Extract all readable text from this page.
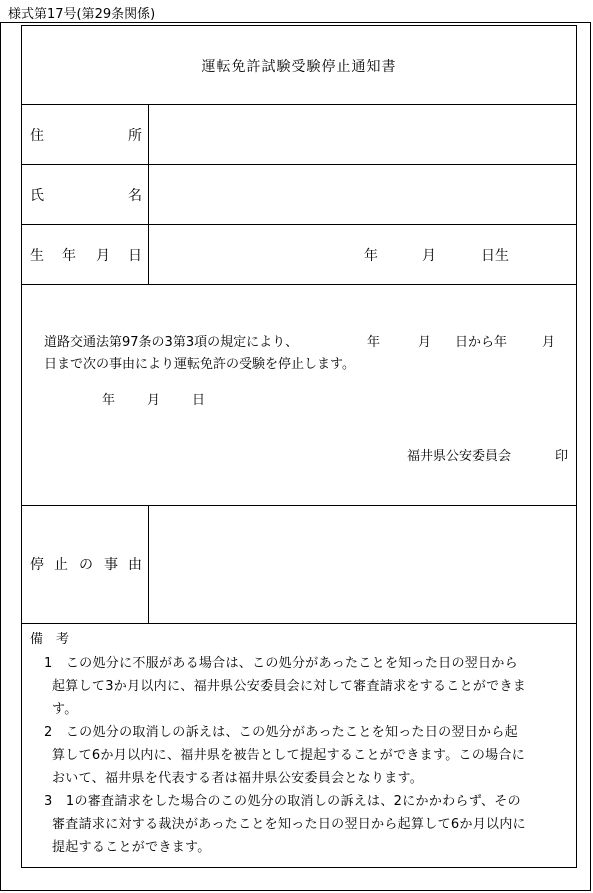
様式第17号(第29条関係)
運転免許試験受験停止通知書
住	所
氏	名
生 年 月 日	年	月	日生
道路交通法第97条の3第3項の規定により、	年	月 日から年	月
日まで次の事由により運転免許の受験を停止します。
年 月 日
福井県公安委員会	印
停 止 の 事 由
備 考
1　この処分に不服がある場合は、この処分があったことを知った日の翌日から
起算して3か月以内に、福井県公安委員会に対して審査請求をすることができま
す。
2　この処分の取消しの訴えは、この処分があったことを知った日の翌日から起
算して6か月以内に、福井県を被告として提起することができます。この場合に
おいて、福井県を代表する者は福井県公安委員会となります。
3　1の審査請求をした場合のこの処分の取消しの訴えは、2にかかわらず、その
審査請求に対する裁決があったことを知った日の翌日から起算して6か月以内に
提起することができます。
